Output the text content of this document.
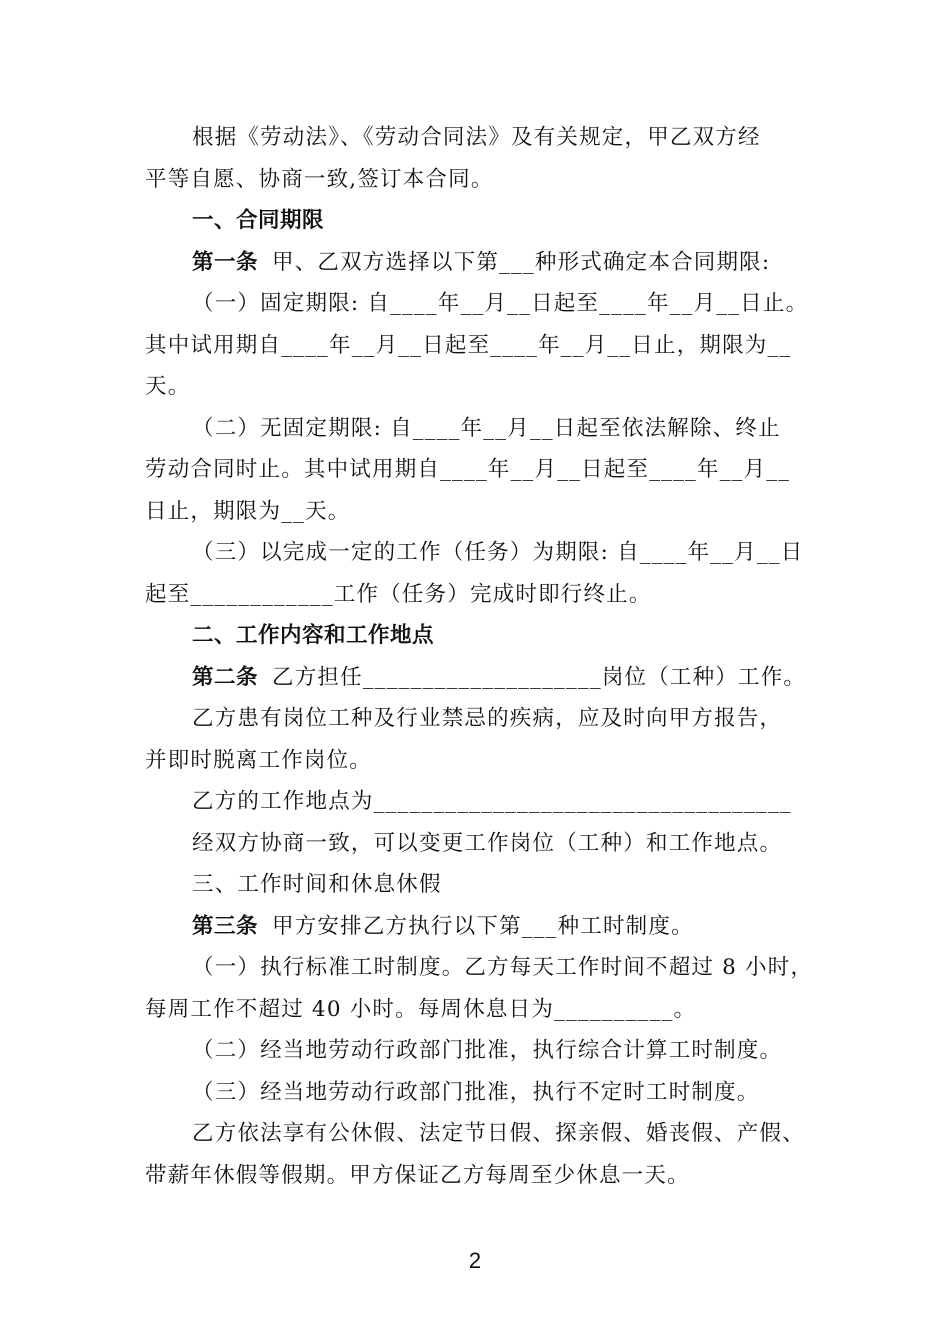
根据《劳动法》、《劳动合同法》及有关规定，甲乙双方经
平等自愿、协商一致,签订本合同。
一、合同期限
第一条 甲、乙双方选择以下第___种形式确定本合同期限:
（一）固定期限: 自____年__月__日起至____年__月__日止。
其中试用期自____年__月__日起至____年__月__日止，期限为__
天。
（二）无固定期限: 自____年__月__日起至依法解除、终止
劳动合同时止。其中试用期自____年__月__日起至____年__月__
日止，期限为__天。
（三）以完成一定的工作（任务）为期限: 自____年__月__日
起至____________工作（任务）完成时即行终止。
二、工作内容和工作地点
第二条 乙方担任____________________岗位（工种）工作。
乙方患有岗位工种及行业禁忌的疾病，应及时向甲方报告，
并即时脱离工作岗位。
乙方的工作地点为___________________________________
经双方协商一致，可以变更工作岗位（工种）和工作地点。
三、工作时间和休息休假
第三条 甲方安排乙方执行以下第___种工时制度。
（一）执行标准工时制度。乙方每天工作时间不超过 8 小时，
每周工作不超过 40 小时。每周休息日为__________。
（二）经当地劳动行政部门批准，执行综合计算工时制度。
（三）经当地劳动行政部门批准，执行不定时工时制度。
乙方依法享有公休假、法定节日假、探亲假、婚丧假、产假、
带薪年休假等假期。甲方保证乙方每周至少休息一天。
2
